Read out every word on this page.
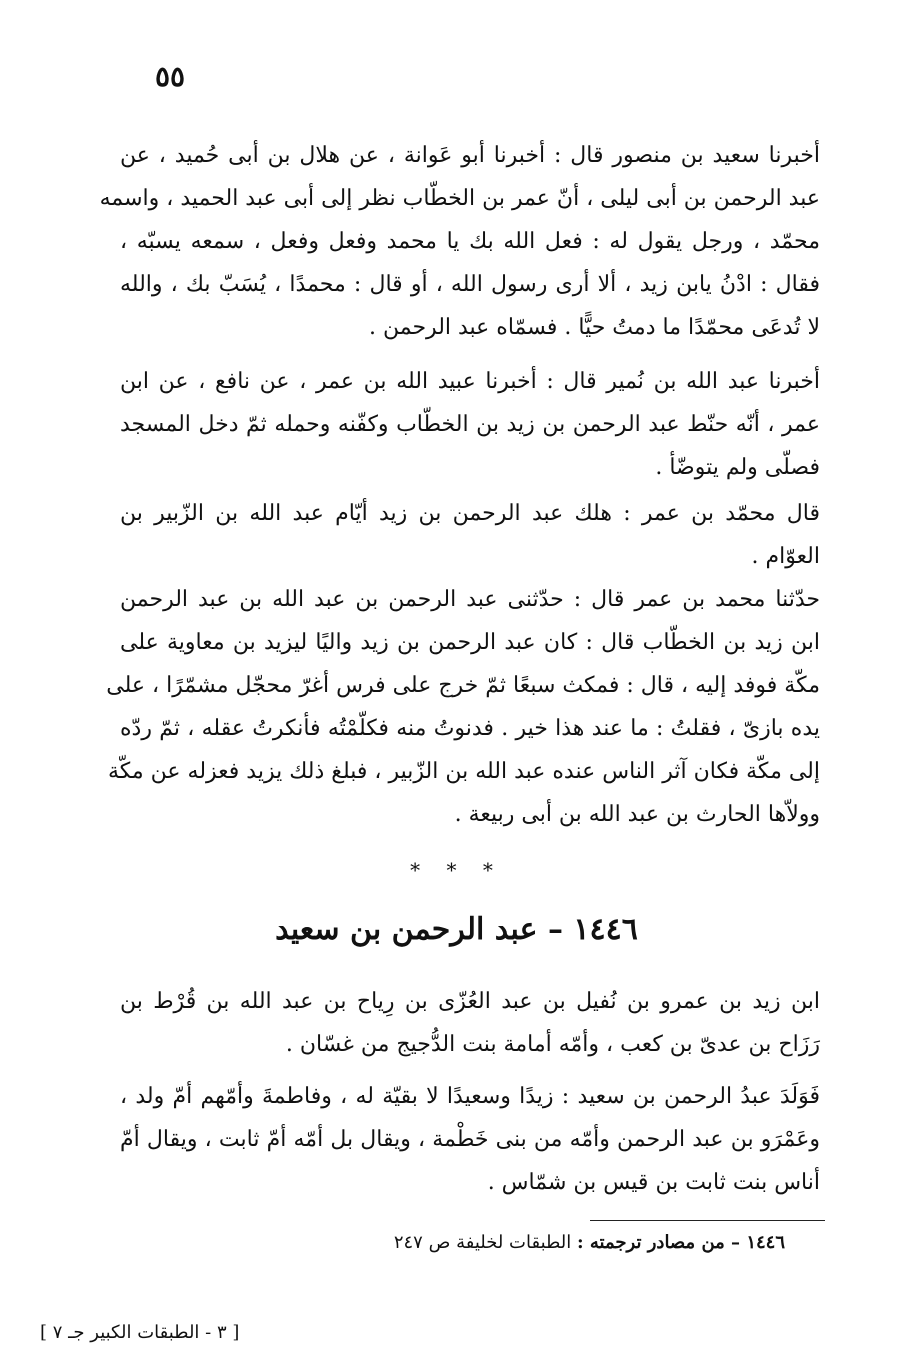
٥٥
أخبرنا سعيد بن منصور قال : أخبرنا أبو عَوانة ، عن هلال بن أبى حُميد ، عن
عبد الرحمن بن أبى ليلى ، أنّ عمر بن الخطّاب نظر إلى أبى عبد الحميد ، واسمه
محمّد ، ورجل يقول له : فعل الله بك يا محمد وفعل وفعل ، سمعه يسبّه ،
فقال : ادْنُ يابن زيد ، ألا أرى رسول الله ، أو قال : محمدًا ، يُسَبّ بك ، والله
لا تُدعَى محمّدًا ما دمتُ حيًّا . فسمّاه عبد الرحمن .
أخبرنا عبد الله بن نُمير قال : أخبرنا عبيد الله بن عمر ، عن نافع ، عن ابن
عمر ، أنّه حنّط عبد الرحمن بن زيد بن الخطّاب وكفّنه وحمله ثمّ دخل المسجد
فصلّى ولم يتوضّأ .
قال محمّد بن عمر : هلك عبد الرحمن بن زيد أيّام عبد الله بن الزّبير بن
العوّام .
حدّثنا محمد بن عمر قال : حدّثنى عبد الرحمن بن عبد الله بن عبد الرحمن
ابن زيد بن الخطّاب قال : كان عبد الرحمن بن زيد واليًا ليزيد بن معاوية على
مكّة فوفد إليه ، قال : فمكث سبعًا ثمّ خرج على فرس أغرّ محجّل مشمّرًا ، على
يده بازىّ ، فقلتُ : ما عند هذا خير . فدنوتُ منه فكلّمْتُه فأنكرتُ عقله ، ثمّ ردّه
إلى مكّة فكان آثر الناس عنده عبد الله بن الزّبير ، فبلغ ذلك يزيد فعزله عن مكّة
وولاّها الحارث بن عبد الله بن أبى ربيعة .
* * *
١٤٤٦ – عبد الرحمن بن سعيد
ابن زيد بن عمرو بن نُفيل بن عبد العُزّى بن رِياح بن عبد الله بن قُرْط بن
رَزَاح بن عدىّ بن كعب ، وأمّه أمامة بنت الدُّجيج من غسّان .
فَوَلَدَ عبدُ الرحمن بن سعيد : زيدًا وسعيدًا لا بقيّة له ، وفاطمةَ وأمّهم أمّ ولد ،
وعَمْرَو بن عبد الرحمن وأمّه من بنى خَطْمة ، ويقال بل أمّه أمّ ثابت ، ويقال أمّ
أناس بنت ثابت بن قيس بن شمّاس .
١٤٤٦ – من مصادر ترجمته : الطبقات لخليفة ص ٢٤٧
[ ٣ - الطبقات الكبير جـ ٧ ]
